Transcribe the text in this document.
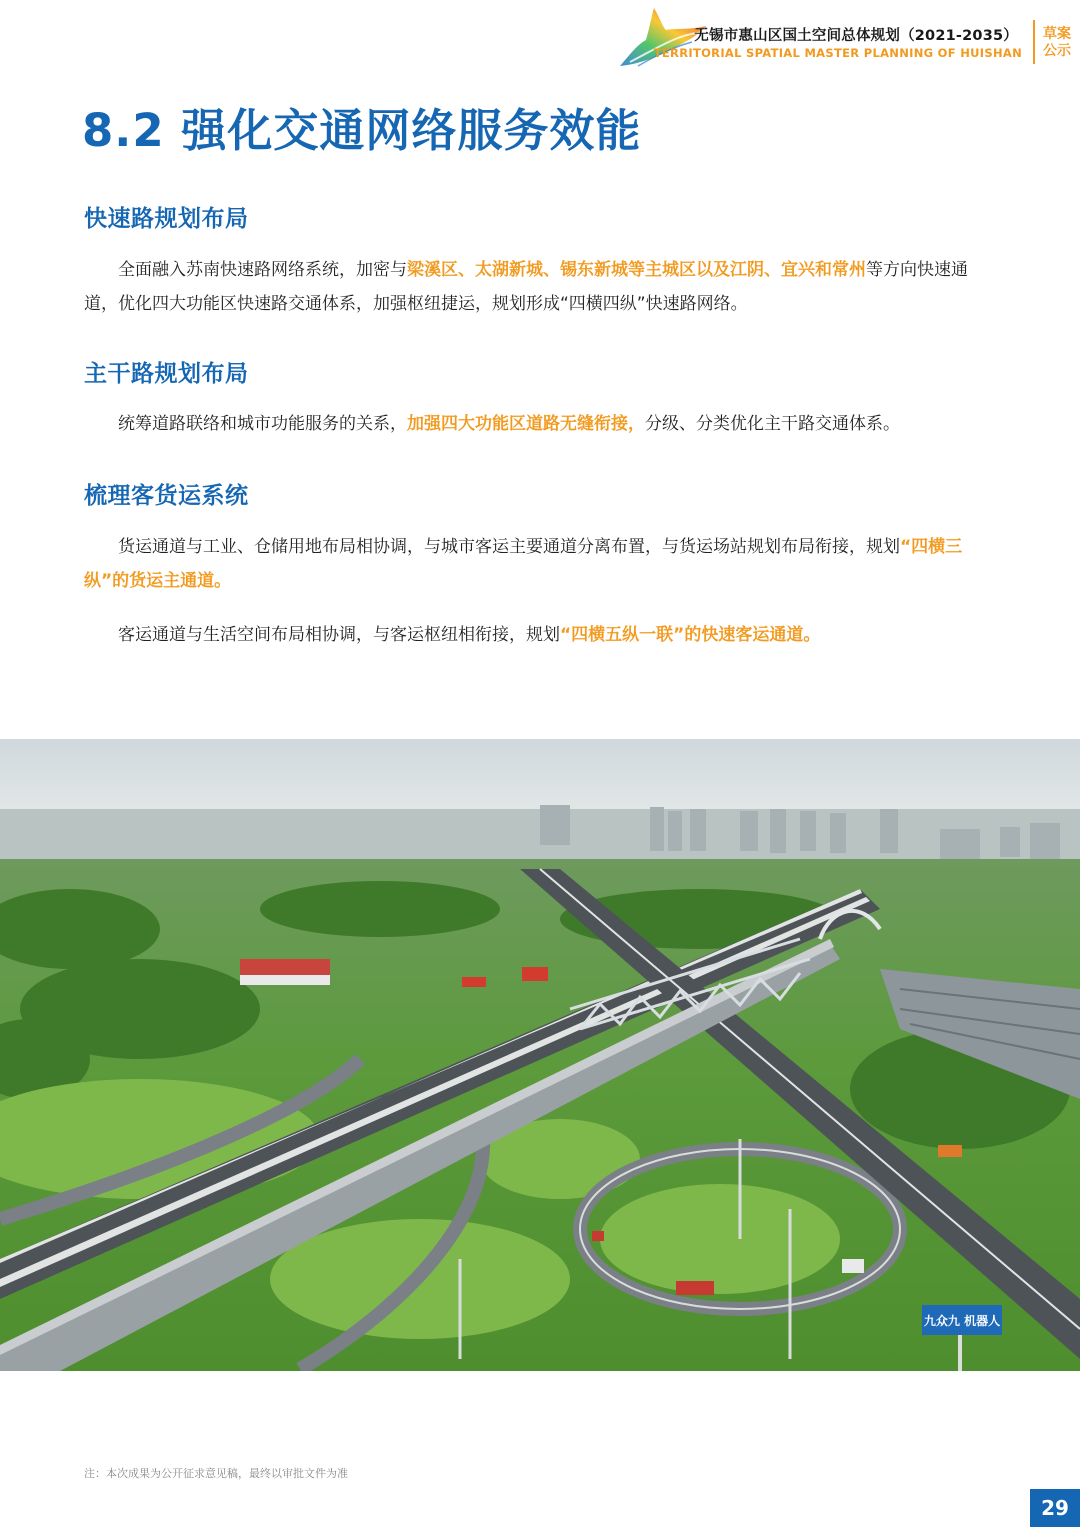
无锡市惠山区国土空间总体规划（2021-2035）
TERRITORIAL SPATIAL MASTER PLANNING OF HUISHAN
草案
公示
8.2 强化交通网络服务效能
快速路规划布局

全面融入苏南快速路网络系统，加密与梁溪区、太湖新城、锡东新城等主城区以及江阴、宜兴和常州等方向快速通道，优化四大功能区快速路交通体系，加强枢纽捷运，规划形成“四横四纵”快速路网络。

主干路规划布局

统筹道路联络和城市功能服务的关系，加强四大功能区道路无缝衔接，分级、分类优化主干路交通体系。

梳理客货运系统

货运通道与工业、仓储用地布局相协调，与城市客运主要通道分离布置，与货运场站规划布局衔接，规划“四横三纵”的货运主通道。

客运通道与生活空间布局相协调，与客运枢纽相衔接，规划“四横五纵一联”的快速客运通道。

九众九 机器人
注：本次成果为公开征求意见稿，最终以审批文件为准
29
